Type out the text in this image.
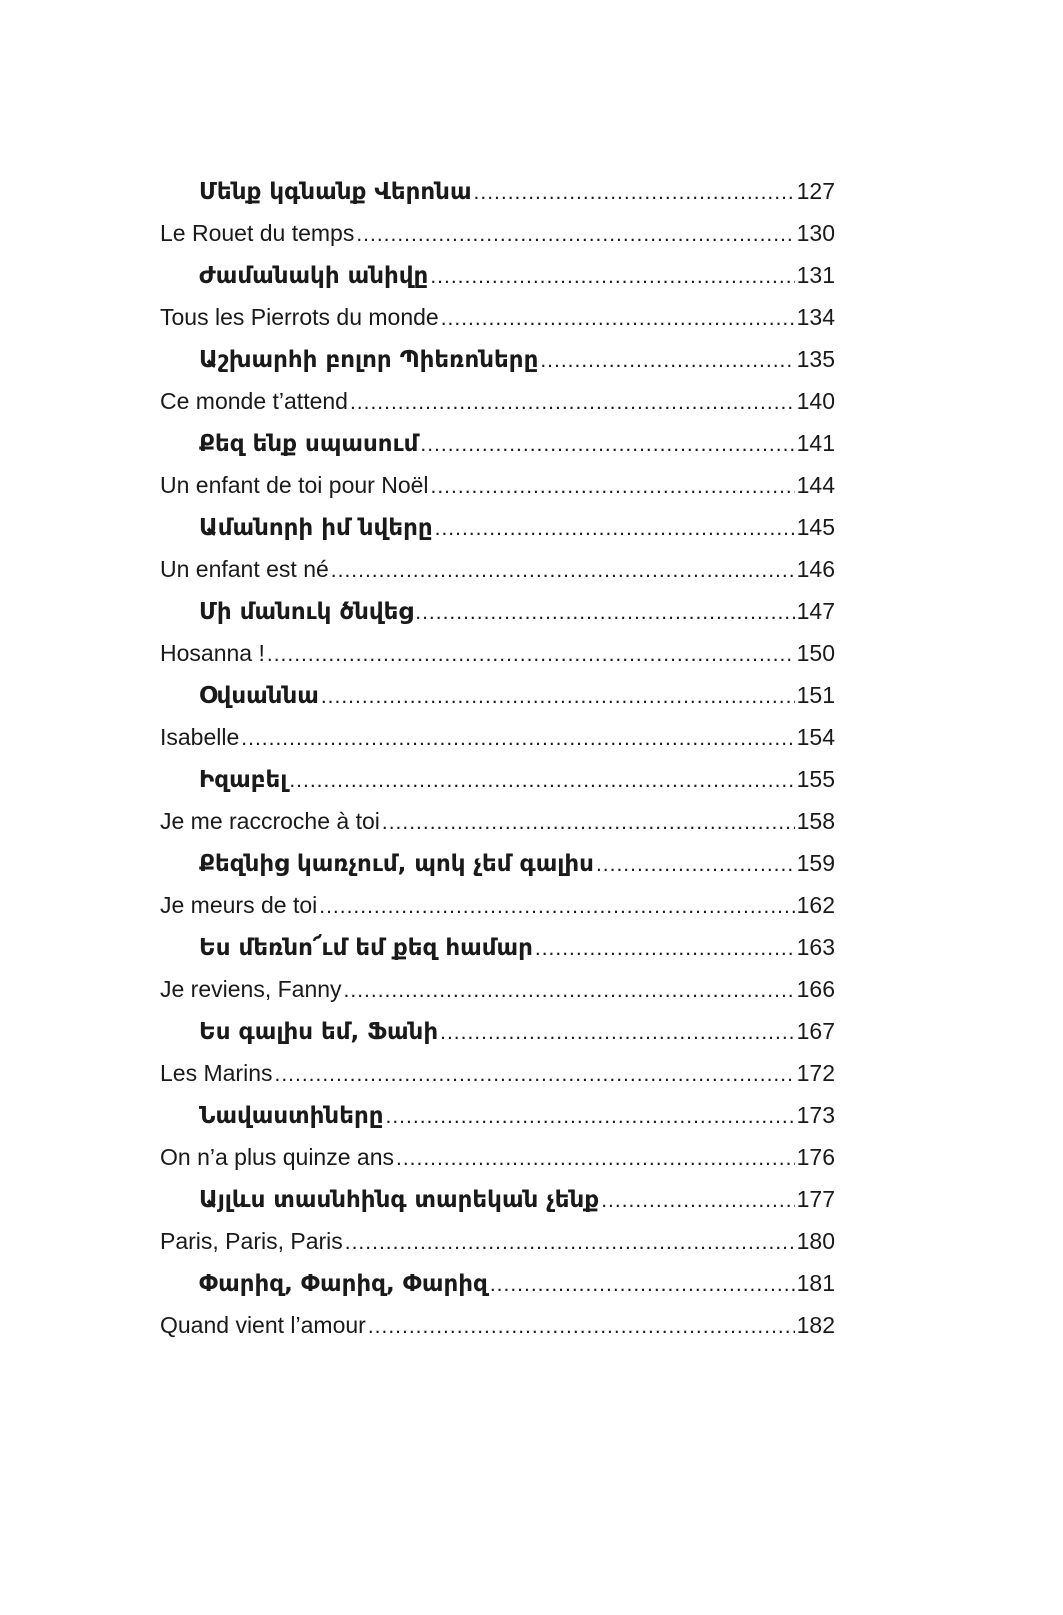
Մենք կգնանք Վերոնա .....	127
Le Rouet du temps .....	130
Ժամանակի անիվը .....	131
Tous les Pierrots du monde .....	134
Աշխարհի բոլոր Պիեռոները .....	135
Ce monde t’attend .....	140
Քեզ ենք սպասում .....	141
Un enfant de toi pour Noël .....	144
Ամանորի իմ նվերը .....	145
Un enfant est né .....	146
Մի մանուկ ծնվեց .....	147
Hosanna ! .....	150
Օվսաննա .....	151
Isabelle .....	154
Իզաբել .....	155
Je me raccroche à toi .....	158
Քեզնից կառչում, պոկ չեմ գալիս .....	159
Je meurs de toi .....	162
Ես մեռնո՜ւմ եմ քեզ համար .....	163
Je reviens, Fanny .....	166
Ես գալիս եմ, Ֆանի .....	167
Les Marins .....	172
Նավաստիները .....	173
On n’a plus quinze ans .....	176
Այլևս տասնհինգ տարեկան չենք .....	177
Paris, Paris, Paris .....	180
Փարիզ, Փարիզ, Փարիզ .....	181
Quand vient l’amour .....	182
